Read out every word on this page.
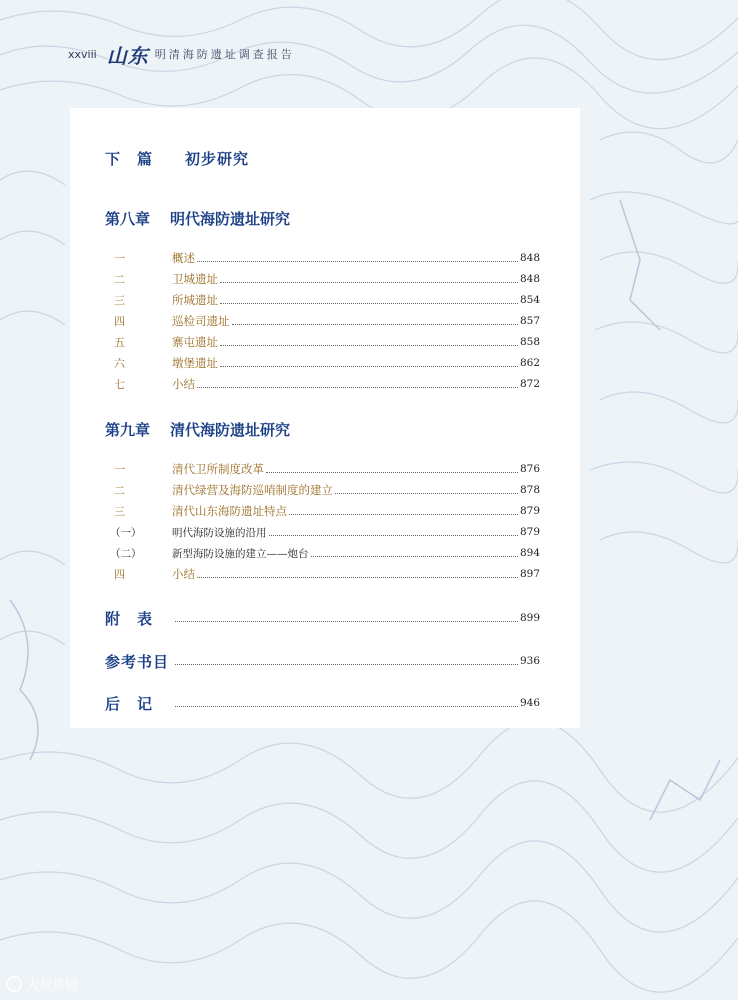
xxviii 山东 明清海防遗址调查报告
下　篇 初步研究
第八章 明代海防遗址研究
一	概述	848
二	卫城遗址	848
三	所城遗址	854
四	巡检司遗址	857
五	寨屯遗址	858
六	墩堡遗址	862
七	小结	872
第九章 清代海防遗址研究
一	清代卫所制度改革	876
二	清代绿营及海防巡哨制度的建立	878
三	清代山东海防遗址特点	879
（一）	明代海防设施的沿用	879
（二）	新型海防设施的建立——炮台	894
四	小结	897
附　表	899
参考书目	936
后　记	946
大叔喜镜
